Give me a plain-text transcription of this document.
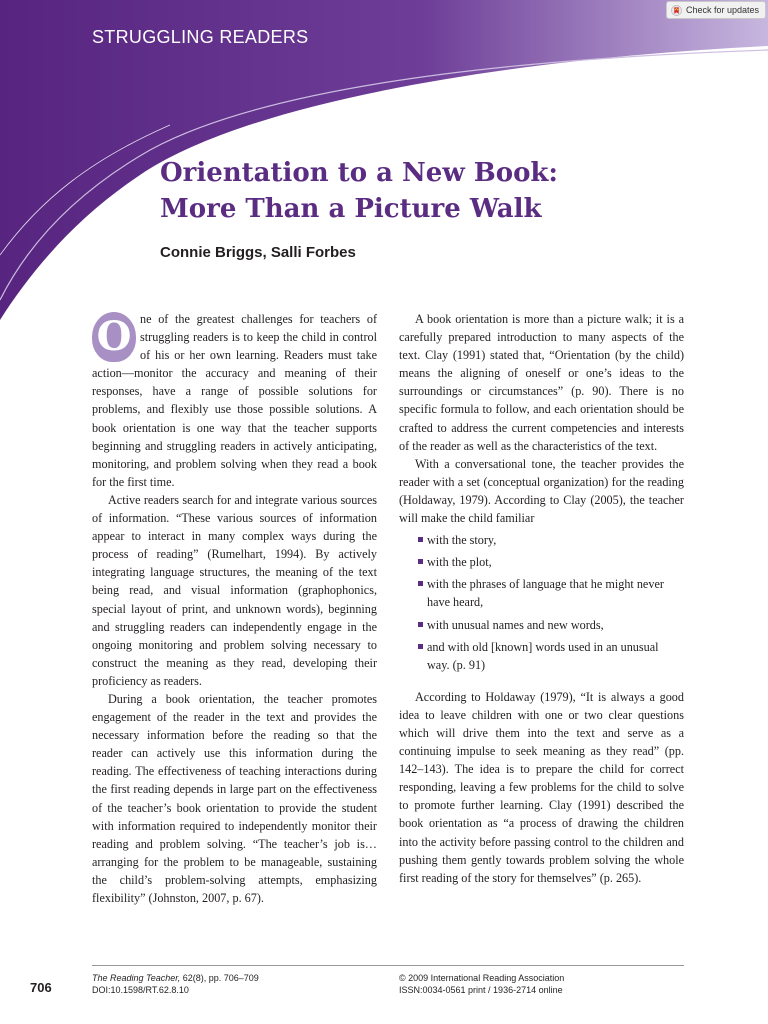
STRUGGLING READERS
Check for updates
Orientation to a New Book:
More Than a Picture Walk
Connie Briggs, Salli Forbes

O ne of the greatest challenges for teachers of struggling readers is to keep the child in control of his or her own learning. Readers must take action—monitor the accuracy and meaning of their responses, have a range of possible solutions for problems, and flexibly use those possible solutions. A book orientation is one way that the teacher supports beginning and struggling readers in actively anticipating, monitoring, and problem solving when they read a book for the first time.

Active readers search for and integrate various sources of information. “These various sources of information appear to interact in many complex ways during the process of reading” (Rumelhart, 1994). By actively integrating language structures, the meaning of the text being read, and visual information (graphophonics, special layout of print, and unknown words), beginning and struggling readers can independently engage in the ongoing monitoring and problem solving necessary to construct the meaning as they read, developing their proficiency as readers.

During a book orientation, the teacher promotes engagement of the reader in the text and provides the necessary information before the reading so that the reader can actively use this information during the reading. The effectiveness of teaching interactions during the first reading depends in large part on the effectiveness of the teacher’s book orientation to provide the student with information required to independently monitor their reading and problem solving. “The teacher’s job is…arranging for the problem to be manageable, sustaining the child’s problem-solving attempts, emphasizing flexibility” (Johnston, 2007, p. 67).

A book orientation is more than a picture walk; it is a carefully prepared introduction to many aspects of the text. Clay (1991) stated that, “Orientation (by the child) means the aligning of oneself or one’s ideas to the surroundings or circumstances” (p. 90). There is no specific formula to follow, and each orientation should be crafted to address the current competencies and interests of the reader as well as the characteristics of the text.

With a conversational tone, the teacher provides the reader with a set (conceptual organization) for the reading (Holdaway, 1979). According to Clay (2005), the teacher will make the child familiar

with the story,
with the plot,
with the phrases of language that he might never have heard,
with unusual names and new words,
and with old [known] words used in an unusual way. (p. 91)

According to Holdaway (1979), “It is always a good idea to leave children with one or two clear questions which will drive them into the text and serve as a continuing impulse to seek meaning as they read” (pp. 142–143). The idea is to prepare the child for correct responding, leaving a few problems for the child to solve to promote further learning. Clay (1991) described the book orientation as “a process of drawing the children into the activity before passing control to the children and pushing them gently towards problem solving the whole first reading of the story for themselves” (p. 265).

706
The Reading Teacher, 62(8), pp. 706–709
DOI:10.1598/RT.62.8.10
© 2009 International Reading Association
ISSN:0034-0561 print / 1936-2714 online
